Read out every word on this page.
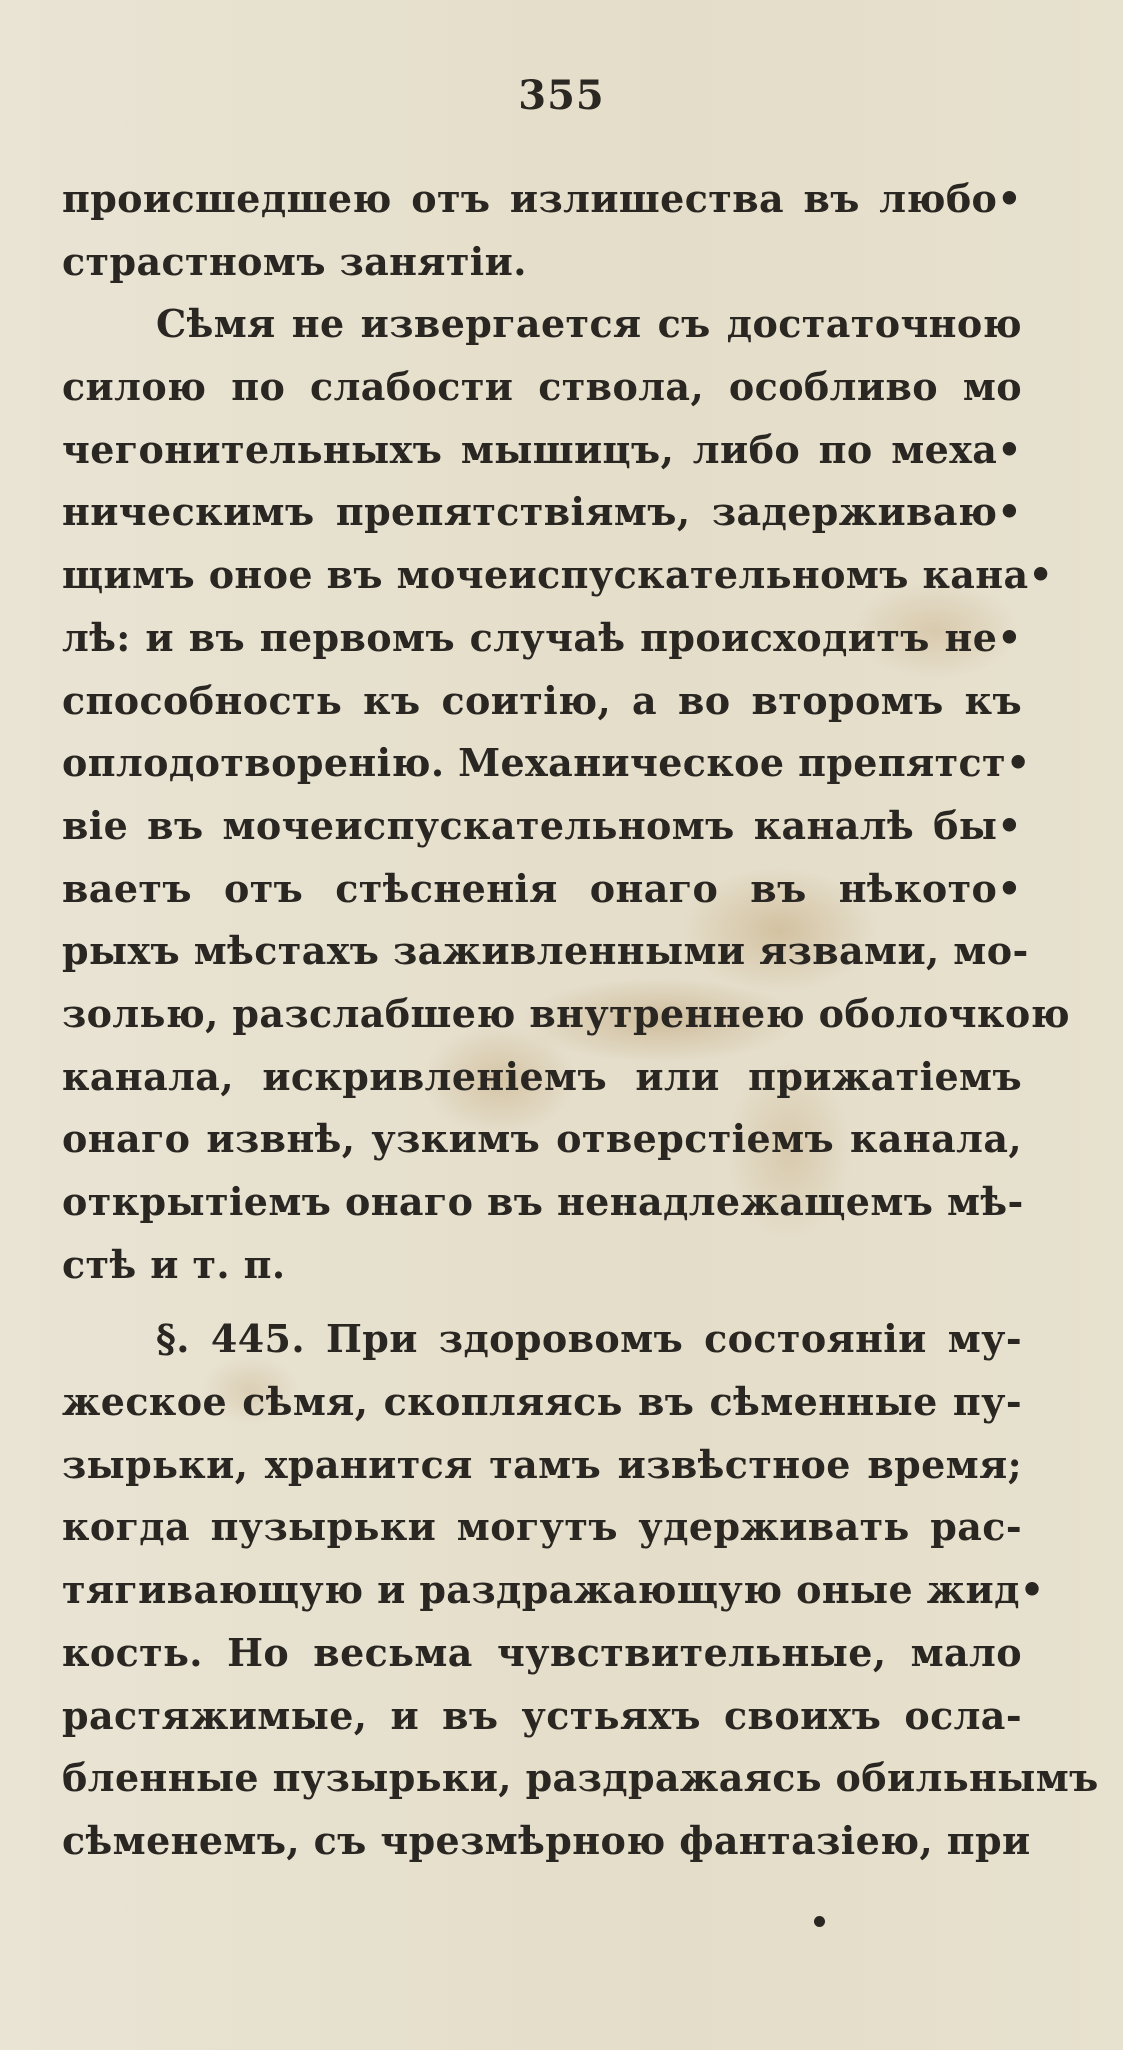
355
происшедшею отъ излишества въ любо•
страстномъ занятіи.
Сѣмя не извергается съ достаточною
силою по слабости ствола, особливо мо
чегонительныхъ мышицъ, либо по меха•
ническимъ препятствіямъ, задерживаю•
щимъ оное въ мочеиспускательномъ кана•
лѣ: и въ первомъ случаѣ происходитъ не•
способность къ соитію, а во второмъ къ
оплодотворенію. Механическое препятст•
віе въ мочеиспускательномъ каналѣ бы•
ваетъ отъ стѣсненія онаго въ нѣкото•
рыхъ мѣстахъ заживленными язвами, мо-
золью, разслабшею внутреннею оболочкою
канала, искривленіемъ или прижатіемъ
онаго извнѣ, узкимъ отверстіемъ канала,
открытіемъ онаго въ ненадлежащемъ мѣ-
стѣ и т. п.
§. 445. При здоровомъ состояніи му-
жеское сѣмя, скопляясь въ сѣменные пу-
зырьки, хранится тамъ извѣстное время;
когда пузырьки могутъ удерживать рас-
тягивающую и раздражающую оные жид•
кость. Но весьма чувствительные, мало
растяжимые, и въ устьяхъ своихъ осла-
бленные пузырьки, раздражаясь обильнымъ
сѣменемъ, съ чрезмѣрною фантазіею, при
